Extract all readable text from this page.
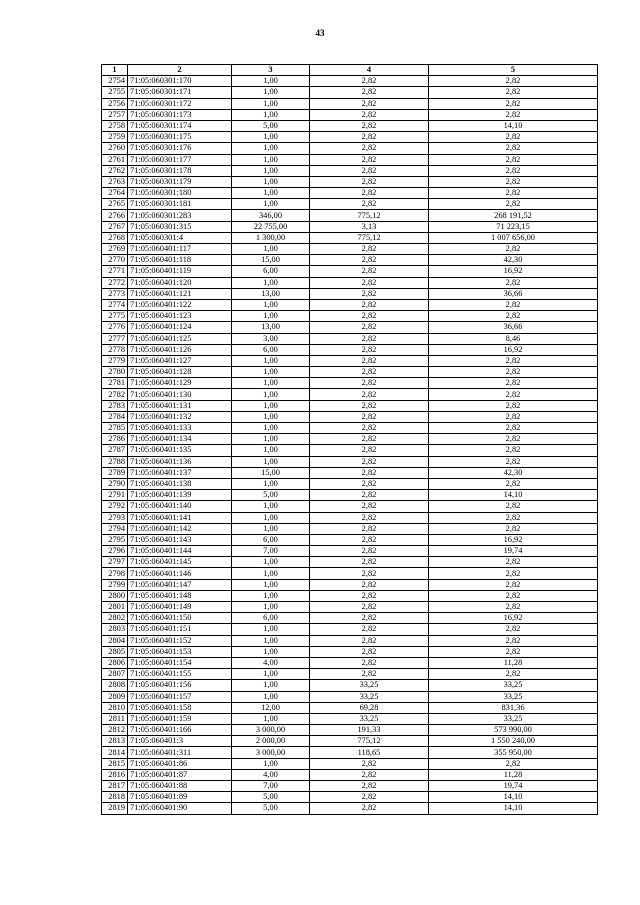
43
1	2	3	4	5
2754	71:05:060301:170	1,00	2,82	2,82
2755	71:05:060301:171	1,00	2,82	2,82
2756	71:05:060301:172	1,00	2,82	2,82
2757	71:05:060301:173	1,00	2,82	2,82
2758	71:05:060301:174	5,00	2,82	14,10
2759	71:05:060301:175	1,00	2,82	2,82
2760	71:05:060301:176	1,00	2,82	2,82
2761	71:05:060301:177	1,00	2,82	2,82
2762	71:05:060301:178	1,00	2,82	2,82
2763	71:05:060301:179	1,00	2,82	2,82
2764	71:05:060301:180	1,00	2,82	2,82
2765	71:05:060301:181	1,00	2,82	2,82
2766	71:05:060301:283	346,00	775,12	268 191,52
2767	71:05:060301:315	22 755,00	3,13	71 223,15
2768	71:05:060301:4	1 300,00	775,12	1 007 656,00
2769	71:05:060401:117	1,00	2,82	2,82
2770	71:05:060401:118	15,00	2,82	42,30
2771	71:05:060401:119	6,00	2,82	16,92
2772	71:05:060401:120	1,00	2,82	2,82
2773	71:05:060401:121	13,00	2,82	36,66
2774	71:05:060401:122	1,00	2,82	2,82
2775	71:05:060401:123	1,00	2,82	2,82
2776	71:05:060401:124	13,00	2,82	36,66
2777	71:05:060401:125	3,00	2,82	8,46
2778	71:05:060401:126	6,00	2,82	16,92
2779	71:05:060401:127	1,00	2,82	2,82
2780	71:05:060401:128	1,00	2,82	2,82
2781	71:05:060401:129	1,00	2,82	2,82
2782	71:05:060401:130	1,00	2,82	2,82
2783	71:05:060401:131	1,00	2,82	2,82
2784	71:05:060401:132	1,00	2,82	2,82
2785	71:05:060401:133	1,00	2,82	2,82
2786	71:05:060401:134	1,00	2,82	2,82
2787	71:05:060401:135	1,00	2,82	2,82
2788	71:05:060401:136	1,00	2,82	2,82
2789	71:05:060401:137	15,00	2,82	42,30
2790	71:05:060401:138	1,00	2,82	2,82
2791	71:05:060401:139	5,00	2,82	14,10
2792	71:05:060401:140	1,00	2,82	2,82
2793	71:05:060401:141	1,00	2,82	2,82
2794	71:05:060401:142	1,00	2,82	2,82
2795	71:05:060401:143	6,00	2,82	16,92
2796	71:05:060401:144	7,00	2,82	19,74
2797	71:05:060401:145	1,00	2,82	2,82
2798	71:05:060401:146	1,00	2,82	2,82
2799	71:05:060401:147	1,00	2,82	2,82
2800	71:05:060401:148	1,00	2,82	2,82
2801	71:05:060401:149	1,00	2,82	2,82
2802	71:05:060401:150	6,00	2,82	16,92
2803	71:05:060401:151	1,00	2,82	2,82
2804	71:05:060401:152	1,00	2,82	2,82
2805	71:05:060401:153	1,00	2,82	2,82
2806	71:05:060401:154	4,00	2,82	11,28
2807	71:05:060401:155	1,00	2,82	2,82
2808	71:05:060401:156	1,00	33,25	33,25
2809	71:05:060401:157	1,00	33,25	33,25
2810	71:05:060401:158	12,00	69,28	831,36
2811	71:05:060401:159	1,00	33,25	33,25
2812	71:05:060401:166	3 000,00	191,33	573 990,00
2813	71:05:060401:3	2 000,00	775,12	1 550 240,00
2814	71:05:060401:311	3 000,00	118,65	355 950,00
2815	71:05:060401:86	1,00	2,82	2,82
2816	71:05:060401:87	4,00	2,82	11,28
2817	71:05:060401:88	7,00	2,82	19,74
2818	71:05:060401:89	5,00	2,82	14,10
2819	71:05:060401:90	5,00	2,82	14,10
